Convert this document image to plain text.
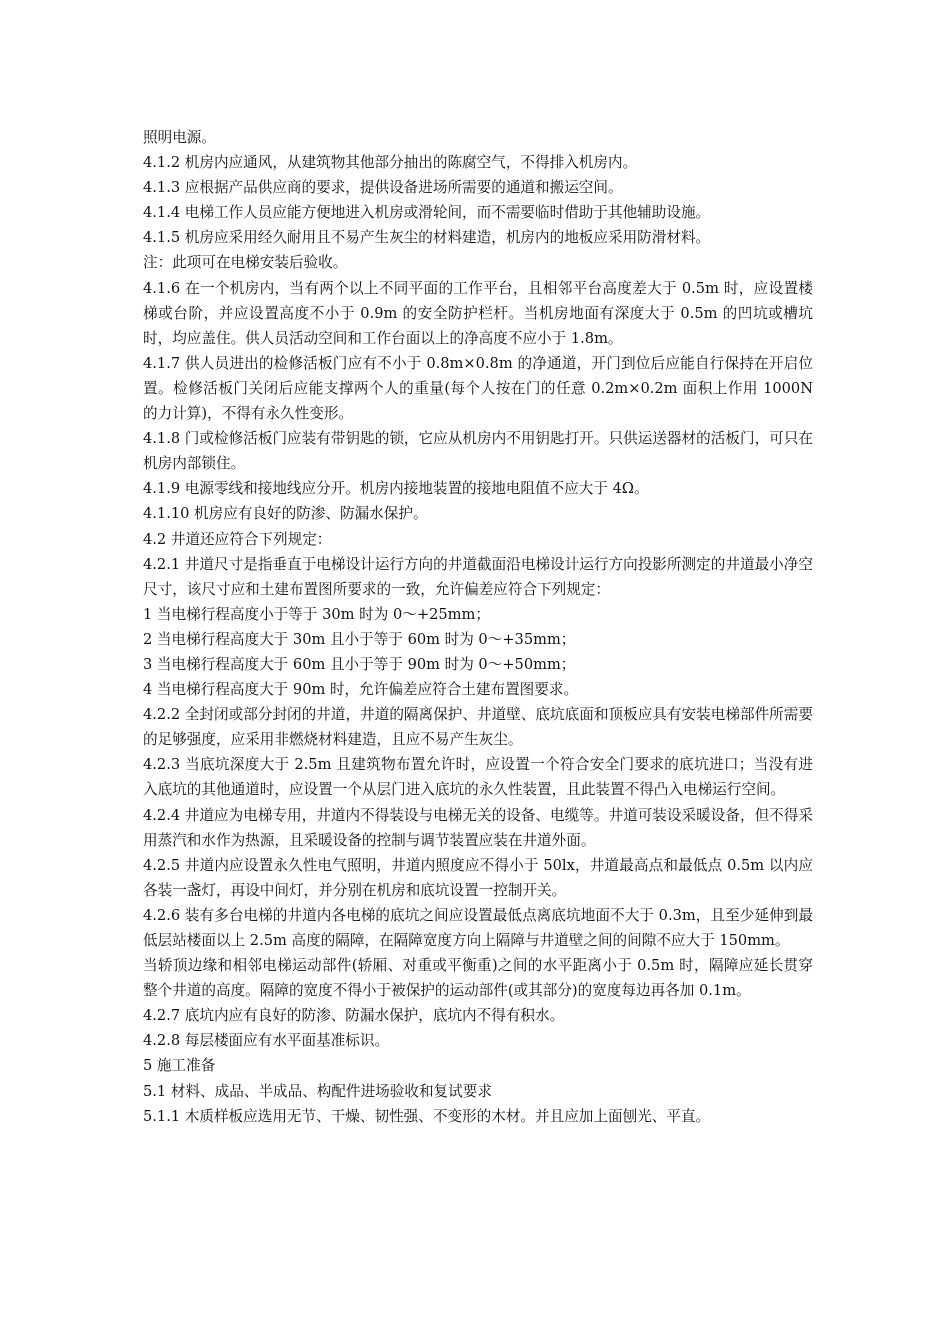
照明电源。

4.1.2 机房内应通风，从建筑物其他部分抽出的陈腐空气，不得排入机房内。

4.1.3 应根据产品供应商的要求，提供设备进场所需要的通道和搬运空间。

4.1.4 电梯工作人员应能方便地进入机房或滑轮间，而不需要临时借助于其他辅助设施。

4.1.5 机房应采用经久耐用且不易产生灰尘的材料建造，机房内的地板应采用防滑材料。

注：此项可在电梯安装后验收。

4.1.6 在一个机房内，当有两个以上不同平面的工作平台，且相邻平台高度差大于 0.5m 时，应设置楼梯或台阶，并应设置高度不小于 0.9m 的安全防护栏杆。当机房地面有深度大于 0.5m 的凹坑或槽坑时，均应盖住。供人员活动空间和工作台面以上的净高度不应小于 1.8m。

4.1.7 供人员进出的检修活板门应有不小于 0.8m×0.8m 的净通道，开门到位后应能自行保持在开启位置。检修活板门关闭后应能支撑两个人的重量(每个人按在门的任意 0.2m×0.2m 面积上作用 1000N 的力计算)，不得有永久性变形。

4.1.8 门或检修活板门应装有带钥匙的锁，它应从机房内不用钥匙打开。只供运送器材的活板门，可只在机房内部锁住。

4.1.9 电源零线和接地线应分开。机房内接地装置的接地电阻值不应大于 4Ω。

4.1.10 机房应有良好的防渗、防漏水保护。

4.2 井道还应符合下列规定：

4.2.1 井道尺寸是指垂直于电梯设计运行方向的井道截面沿电梯设计运行方向投影所测定的井道最小净空尺寸，该尺寸应和土建布置图所要求的一致，允许偏差应符合下列规定：

1 当电梯行程高度小于等于 30m 时为 0～+25mm；

2 当电梯行程高度大于 30m 且小于等于 60m 时为 0～+35mm；

3 当电梯行程高度大于 60m 且小于等于 90m 时为 0～+50mm；

4 当电梯行程高度大于 90m 时，允许偏差应符合土建布置图要求。

4.2.2 全封闭或部分封闭的井道，井道的隔离保护、井道壁、底坑底面和顶板应具有安装电梯部件所需要的足够强度，应采用非燃烧材料建造，且应不易产生灰尘。

4.2.3 当底坑深度大于 2.5m 且建筑物布置允许时，应设置一个符合安全门要求的底坑进口；当没有进入底坑的其他通道时，应设置一个从层门进入底坑的永久性装置，且此装置不得凸入电梯运行空间。

4.2.4 井道应为电梯专用，井道内不得装设与电梯无关的设备、电缆等。井道可装设采暖设备，但不得采用蒸汽和水作为热源，且采暖设备的控制与调节装置应装在井道外面。

4.2.5 井道内应设置永久性电气照明，井道内照度应不得小于 50lx，井道最高点和最低点 0.5m 以内应各装一盏灯，再设中间灯，并分别在机房和底坑设置一控制开关。

4.2.6 装有多台电梯的井道内各电梯的底坑之间应设置最低点离底坑地面不大于 0.3m，且至少延伸到最低层站楼面以上 2.5m 高度的隔障，在隔障宽度方向上隔障与井道壁之间的间隙不应大于 150mm。

当轿顶边缘和相邻电梯运动部件(轿厢、对重或平衡重)之间的水平距离小于 0.5m 时，隔障应延长贯穿整个井道的高度。隔障的宽度不得小于被保护的运动部件(或其部分)的宽度每边再各加 0.1m。

4.2.7 底坑内应有良好的防渗、防漏水保护，底坑内不得有积水。

4.2.8 每层楼面应有水平面基准标识。

5 施工准备

5.1 材料、成品、半成品、构配件进场验收和复试要求

5.1.1 木质样板应选用无节、干燥、韧性强、不变形的木材。并且应加上面刨光、平直。
